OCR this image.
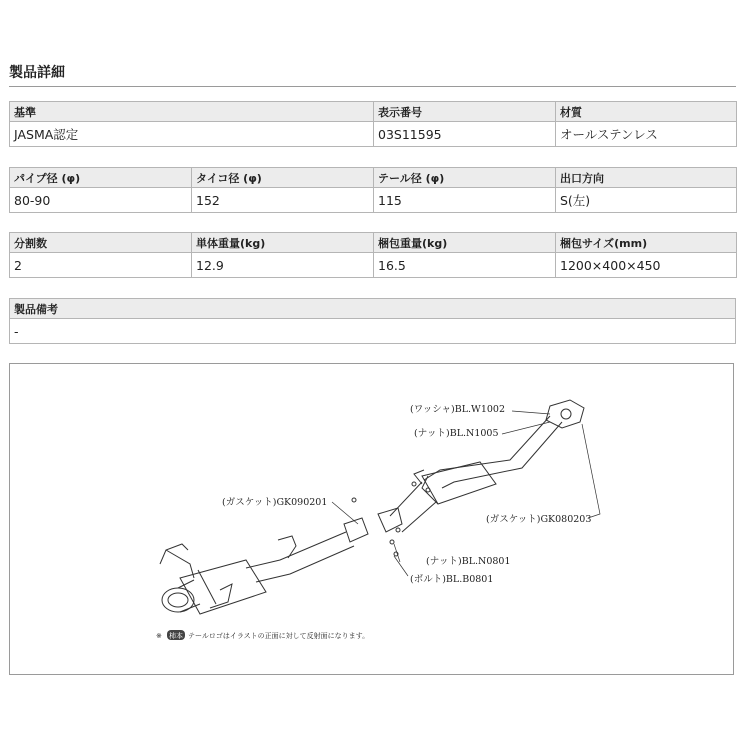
製品詳細
基準	表示番号	材質
JASMA認定	03S11595	オールステンレス
パイプ径 (φ)	タイコ径 (φ)	テール径 (φ)	出口方向
80-90	152	115	S(左)
分割数	単体重量(kg)	梱包重量(kg)	梱包サイズ(mm)
2	12.9	16.5	1200×400×450
製品備考
-
(ワッシャ)BL.W1002
(ナット)BL.N1005
(ガスケット)GK090201
(ガスケット)GK080203
(ナット)BL.N0801
(ボルト)BL.B0801
※ 柿本 テールロゴはイラストの正面に対して反射面になります。
